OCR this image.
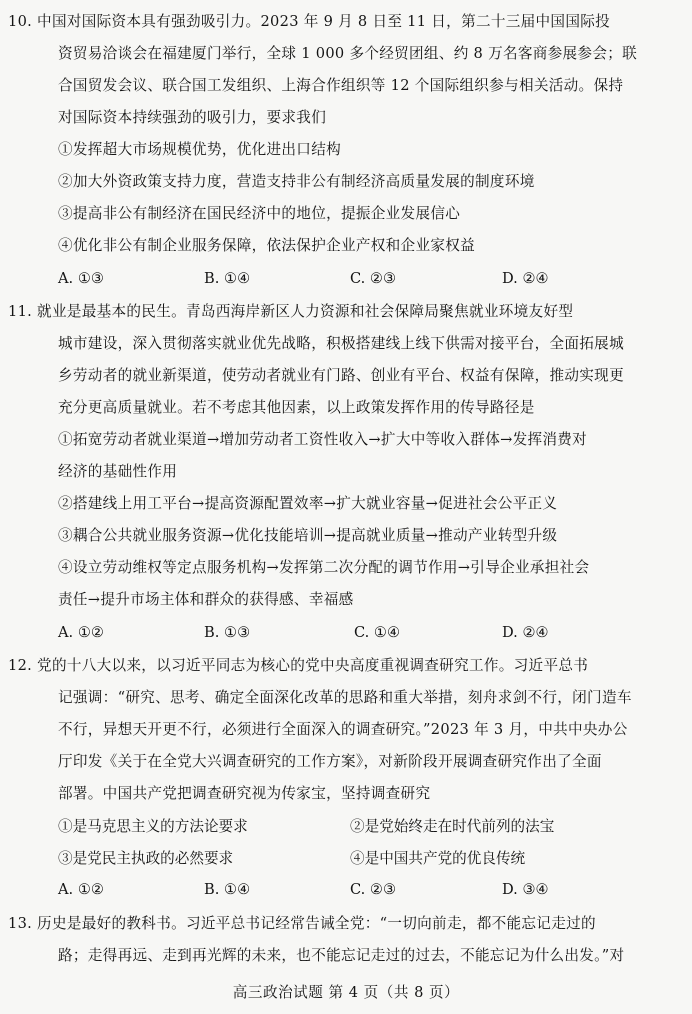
10. 中国对国际资本具有强劲吸引力。2023 年 9 月 8 日至 11 日，第二十三届中国国际投
资贸易洽谈会在福建厦门举行，全球 1 000 多个经贸团组、约 8 万名客商参展参会；联
合国贸发会议、联合国工发组织、上海合作组织等 12 个国际组织参与相关活动。保持
对国际资本持续强劲的吸引力，要求我们
①发挥超大市场规模优势，优化进出口结构
②加大外资政策支持力度，营造支持非公有制经济高质量发展的制度环境
③提高非公有制经济在国民经济中的地位，提振企业发展信心
④优化非公有制企业服务保障，依法保护企业产权和企业家权益
A. ①③	B. ①④	C. ②③	D. ②④
11. 就业是最基本的民生。青岛西海岸新区人力资源和社会保障局聚焦就业环境友好型
城市建设，深入贯彻落实就业优先战略，积极搭建线上线下供需对接平台，全面拓展城
乡劳动者的就业新渠道，使劳动者就业有门路、创业有平台、权益有保障，推动实现更
充分更高质量就业。若不考虑其他因素，以上政策发挥作用的传导路径是
①拓宽劳动者就业渠道→增加劳动者工资性收入→扩大中等收入群体→发挥消费对
经济的基础性作用
②搭建线上用工平台→提高资源配置效率→扩大就业容量→促进社会公平正义
③耦合公共就业服务资源→优化技能培训→提高就业质量→推动产业转型升级
④设立劳动维权等定点服务机构→发挥第二次分配的调节作用→引导企业承担社会
责任→提升市场主体和群众的获得感、幸福感
A. ①②	B. ①③	C. ①④	D. ②④
12. 党的十八大以来，以习近平同志为核心的党中央高度重视调查研究工作。习近平总书
记强调：“研究、思考、确定全面深化改革的思路和重大举措，刻舟求剑不行，闭门造车
不行，异想天开更不行，必须进行全面深入的调查研究。”2023 年 3 月，中共中央办公
厅印发《关于在全党大兴调查研究的工作方案》，对新阶段开展调查研究作出了全面
部署。中国共产党把调查研究视为传家宝，坚持调查研究
①是马克思主义的方法论要求	②是党始终走在时代前列的法宝
③是党民主执政的必然要求	④是中国共产党的优良传统
A. ①②	B. ①④	C. ②③	D. ③④
13. 历史是最好的教科书。习近平总书记经常告诫全党：“一切向前走，都不能忘记走过的
路；走得再远、走到再光辉的未来，也不能忘记走过的过去，不能忘记为什么出发。”对
高三政治试题 第 4 页（共 8 页）
